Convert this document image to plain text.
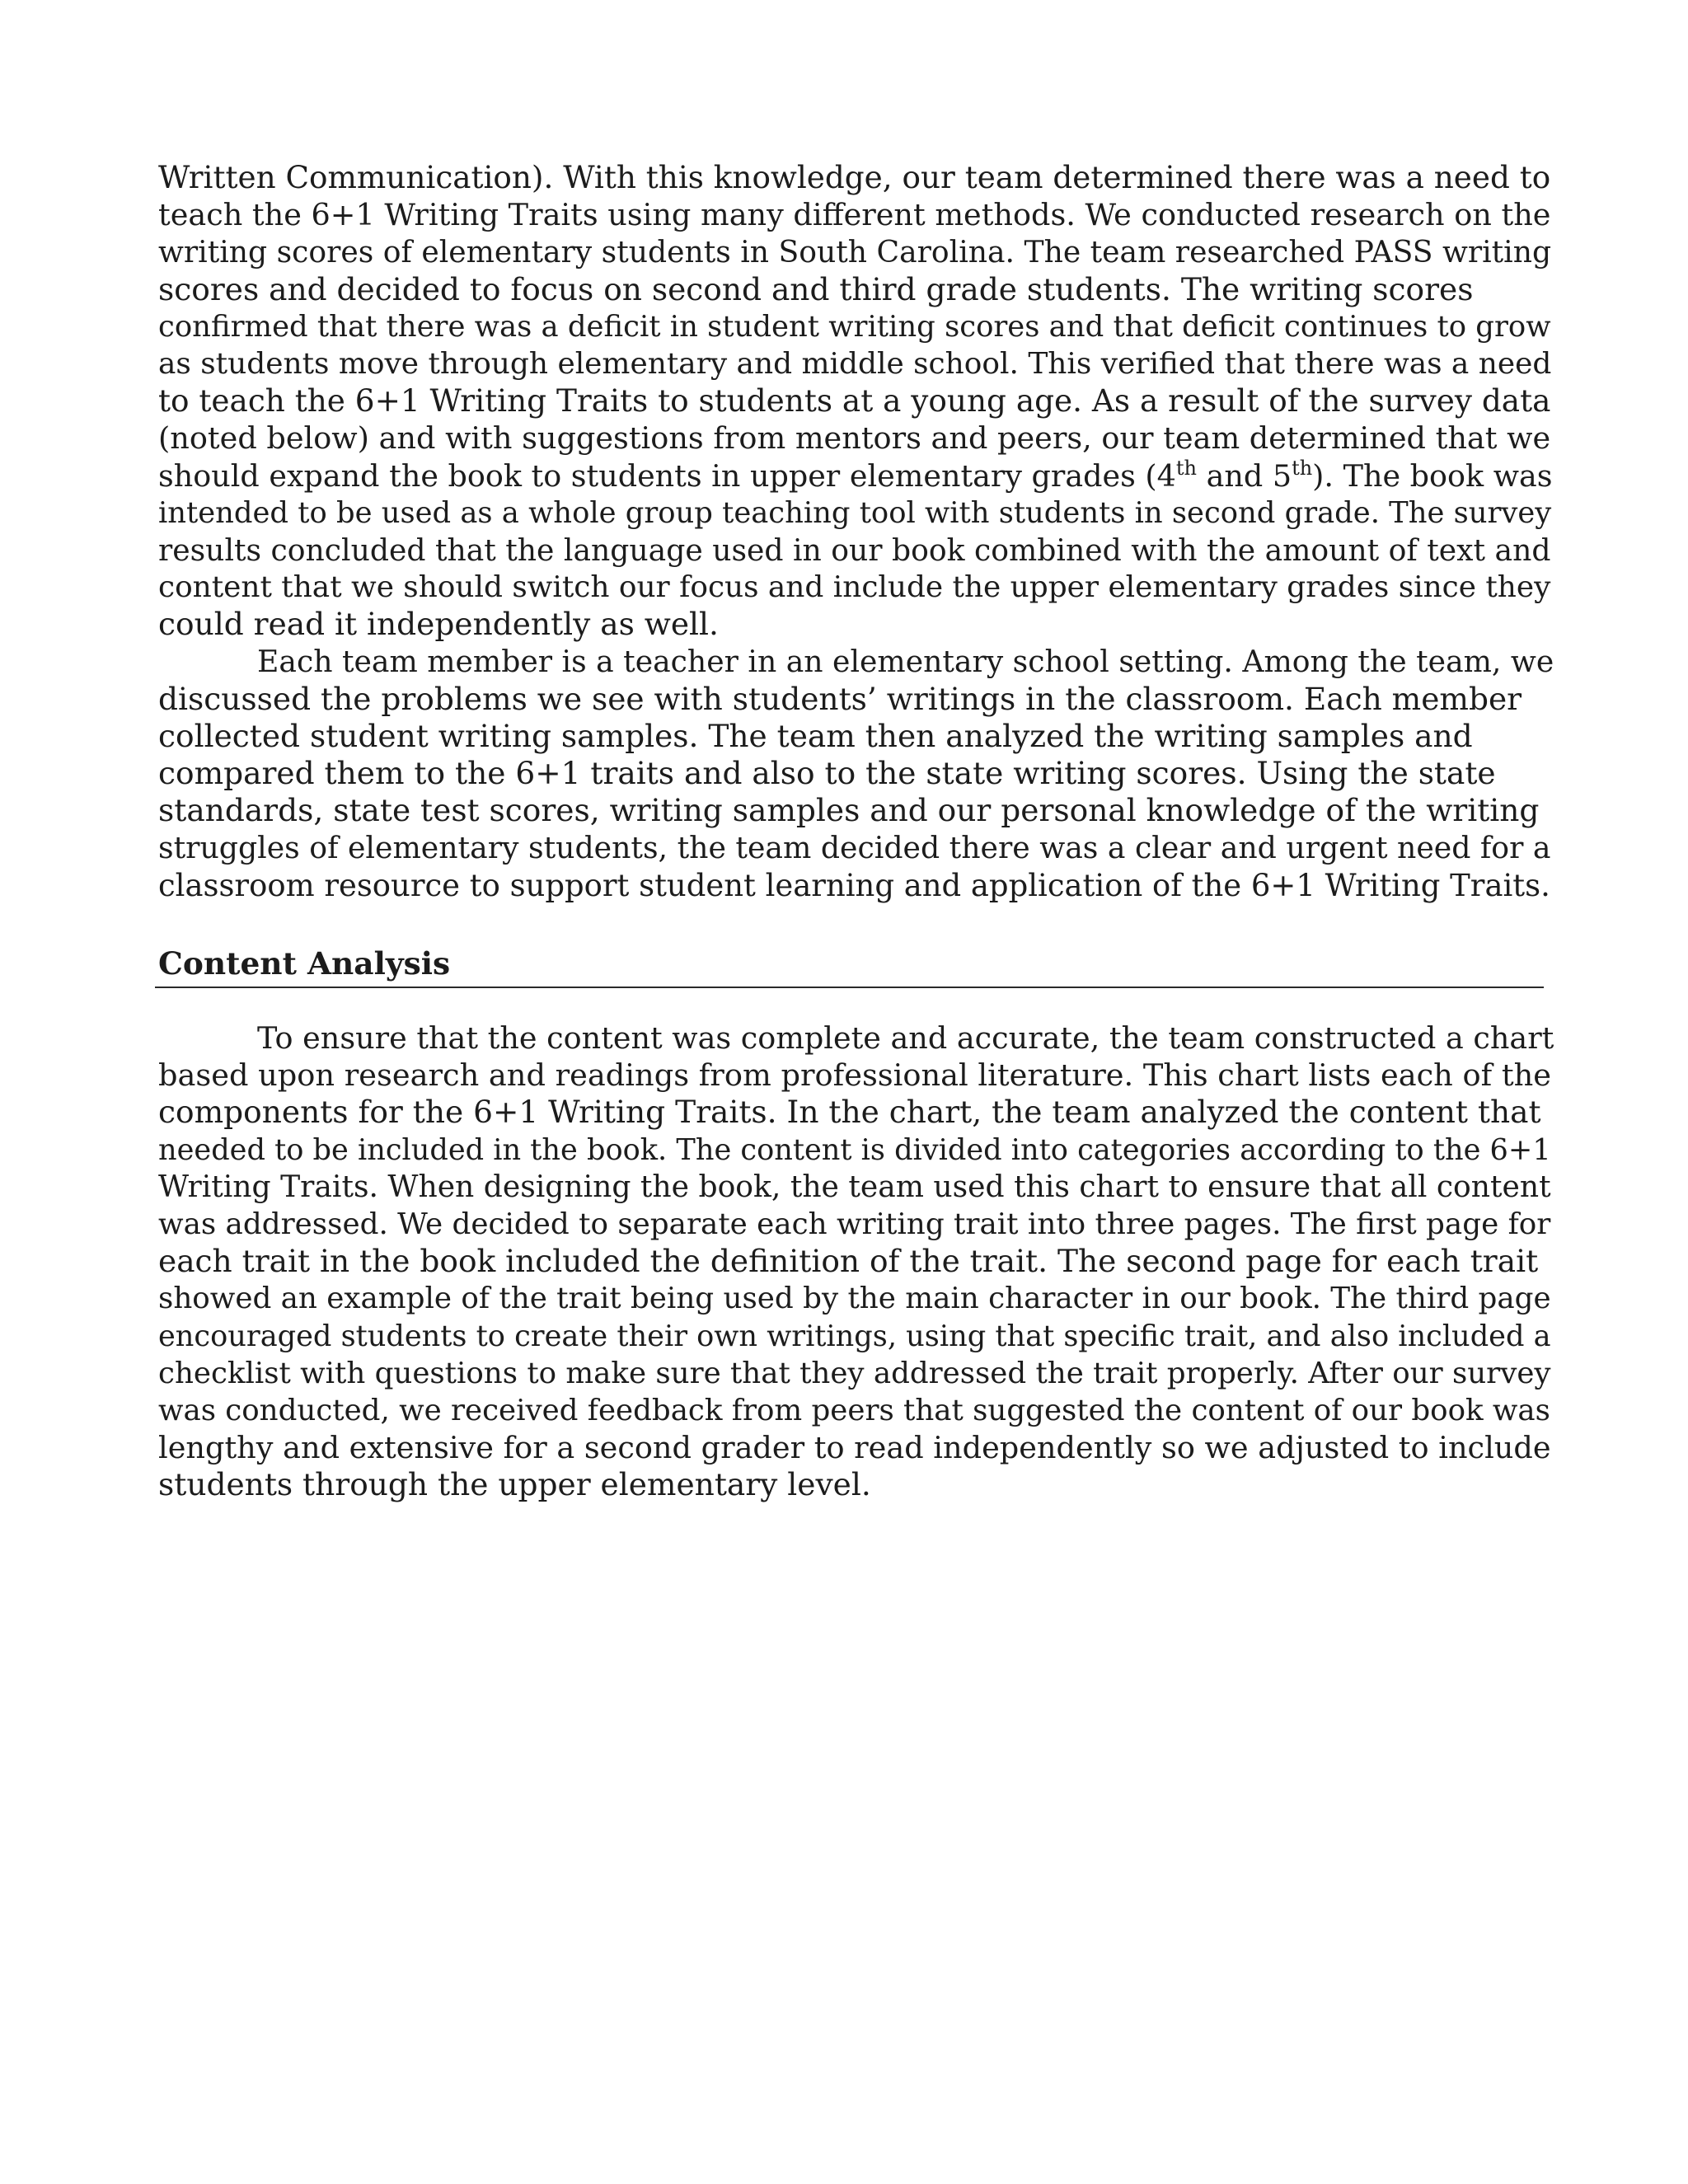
Written Communication). With this knowledge, our team determined there was a need to
teach the 6+1 Writing Traits using many different methods. We conducted research on the
writing scores of elementary students in South Carolina. The team researched PASS writing
scores and decided to focus on second and third grade students. The writing scores
confirmed that there was a deficit in student writing scores and that deficit continues to grow
as students move through elementary and middle school. This verified that there was a need
to teach the 6+1 Writing Traits to students at a young age. As a result of the survey data
(noted below) and with suggestions from mentors and peers, our team determined that we
should expand the book to students in upper elementary grades (4th and 5th). The book was
intended to be used as a whole group teaching tool with students in second grade. The survey
results concluded that the language used in our book combined with the amount of text and
content that we should switch our focus and include the upper elementary grades since they
could read it independently as well.
Each team member is a teacher in an elementary school setting. Among the team, we
discussed the problems we see with students’ writings in the classroom. Each member
collected student writing samples. The team then analyzed the writing samples and
compared them to the 6+1 traits and also to the state writing scores. Using the state
standards, state test scores, writing samples and our personal knowledge of the writing
struggles of elementary students, the team decided there was a clear and urgent need for a
classroom resource to support student learning and application of the 6+1 Writing Traits.
Content Analysis
To ensure that the content was complete and accurate, the team constructed a chart
based upon research and readings from professional literature. This chart lists each of the
components for the 6+1 Writing Traits. In the chart, the team analyzed the content that
needed to be included in the book. The content is divided into categories according to the 6+1
Writing Traits. When designing the book, the team used this chart to ensure that all content
was addressed. We decided to separate each writing trait into three pages. The first page for
each trait in the book included the definition of the trait. The second page for each trait
showed an example of the trait being used by the main character in our book. The third page
encouraged students to create their own writings, using that specific trait, and also included a
checklist with questions to make sure that they addressed the trait properly. After our survey
was conducted, we received feedback from peers that suggested the content of our book was
lengthy and extensive for a second grader to read independently so we adjusted to include
students through the upper elementary level.
